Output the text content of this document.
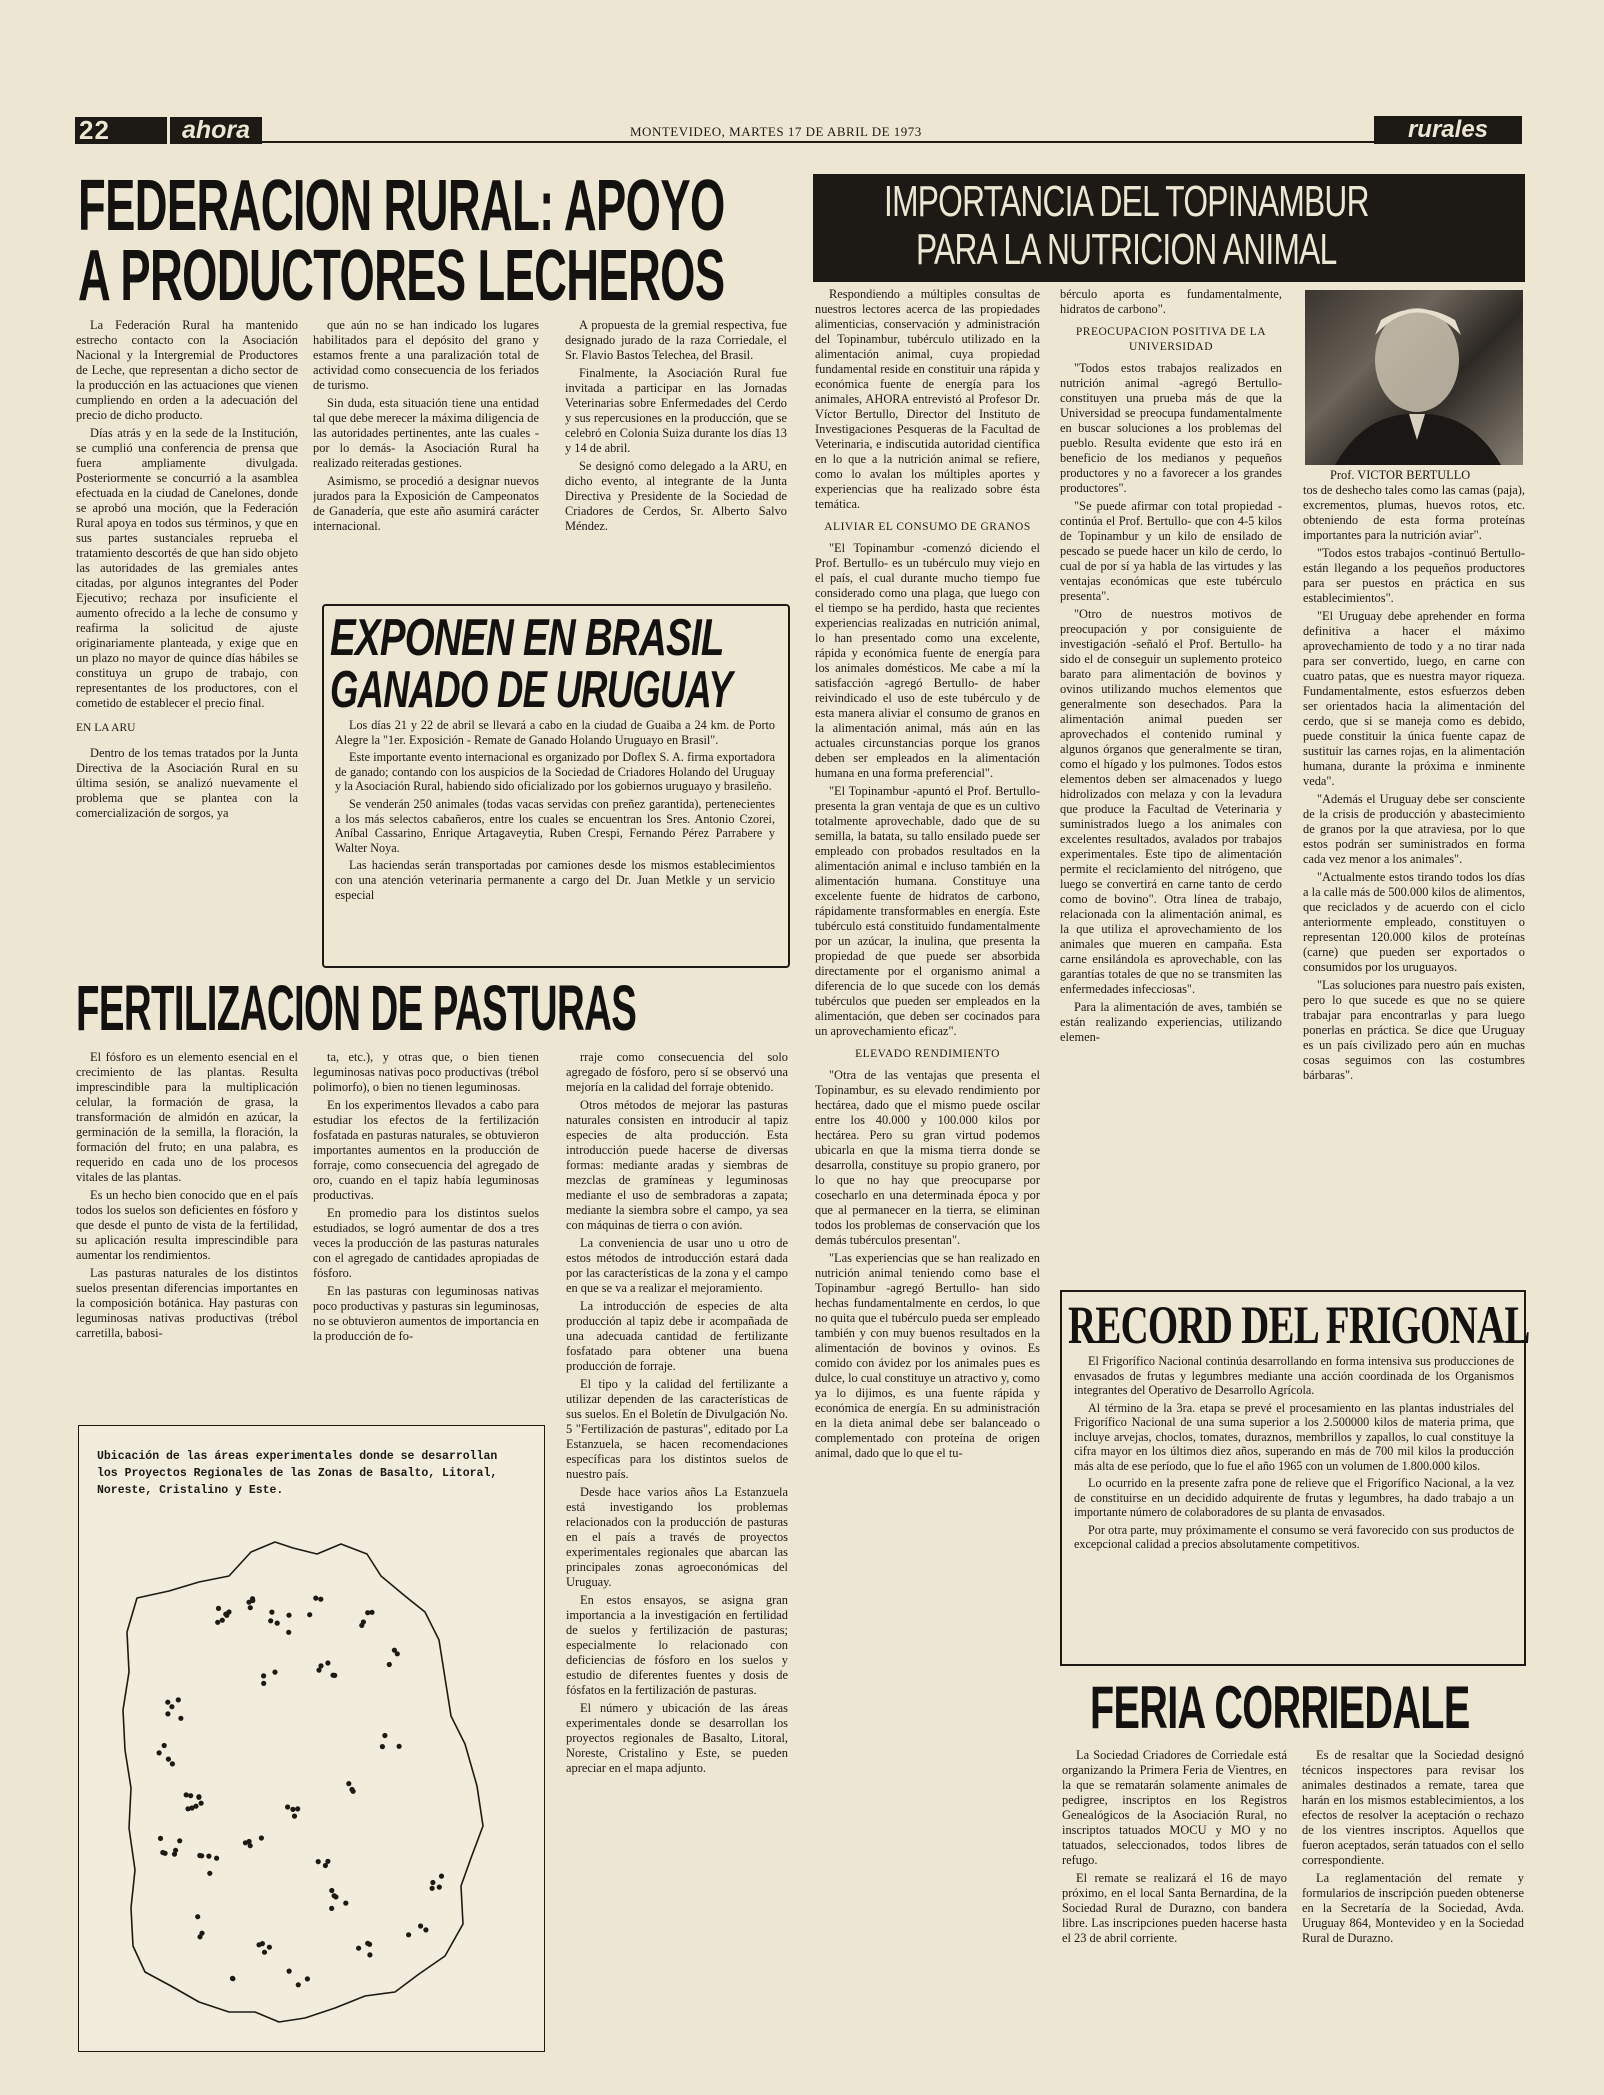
22	ahora	MONTEVIDEO, MARTES 17 DE ABRIL DE 1973	rurales
FEDERACION RURAL: APOYO
A PRODUCTORES LECHEROS

La Federación Rural ha mantenido estrecho contacto con la Asociación Nacional y la Intergremial de Productores de Leche, que representan a dicho sector de la producción en las actuaciones que vienen cumpliendo en orden a la adecuación del precio de dicho producto.

Días atrás y en la sede de la Institución, se cumplió una conferencia de prensa que fuera ampliamente divulgada. Posteriormente se concurrió a la asamblea efectuada en la ciudad de Canelones, donde se aprobó una moción, que la Federación Rural apoya en todos sus términos, y que en sus partes sustanciales reprueba el tratamiento descortés de que han sido objeto las autoridades de las gremiales antes citadas, por algunos integrantes del Poder Ejecutivo; rechaza por insuficiente el aumento ofrecido a la leche de consumo y reafirma la solicitud de ajuste originariamente planteada, y exige que en un plazo no mayor de quince días hábiles se constituya un grupo de trabajo, con representantes de los productores, con el cometido de establecer el precio final.

EN LA ARU

Dentro de los temas tratados por la Junta Directiva de la Asociación Rural en su última sesión, se analizó nuevamente el problema que se plantea con la comercialización de sorgos, ya

que aún no se han indicado los lugares habilitados para el depósito del grano y estamos frente a una paralización total de actividad como consecuencia de los feriados de turismo.

Sin duda, esta situación tiene una entidad tal que debe merecer la máxima diligencia de las autoridades pertinentes, ante las cuales -por lo demás- la Asociación Rural ha realizado reiteradas gestiones.

Asimismo, se procedió a designar nuevos jurados para la Exposición de Campeonatos de Ganadería, que este año asumirá carácter internacional.

A propuesta de la gremial respectiva, fue designado jurado de la raza Corriedale, el Sr. Flavio Bastos Telechea, del Brasil.

Finalmente, la Asociación Rural fue invitada a participar en las Jornadas Veterinarias sobre Enfermedades del Cerdo y sus repercusiones en la producción, que se celebró en Colonia Suiza durante los días 13 y 14 de abril.

Se designó como delegado a la ARU, en dicho evento, al integrante de la Junta Directiva y Presidente de la Sociedad de Criadores de Cerdos, Sr. Alberto Salvo Méndez.

EXPONEN EN BRASIL
GANADO DE URUGUAY

Los días 21 y 22 de abril se llevará a cabo en la ciudad de Guaiba a 24 km. de Porto Alegre la "1er. Exposición - Remate de Ganado Holando Uruguayo en Brasil".

Este importante evento internacional es organizado por Doflex S. A. firma exportadora de ganado; contando con los auspicios de la Sociedad de Criadores Holando del Uruguay y la Asociación Rural, habiendo sido oficializado por los gobiernos uruguayo y brasileño.

Se venderán 250 animales (todas vacas servidas con preñez garantida), pertenecientes a los más selectos cabañeros, entre los cuales se encuentran los Sres. Antonio Czorei, Aníbal Cassarino, Enrique Artagaveytia, Ruben Crespi, Fernando Pérez Parrabere y Walter Noya.

Las haciendas serán transportadas por camiones desde los mismos establecimientos con una atención veterinaria permanente a cargo del Dr. Juan Metkle y un servicio especial

FERTILIZACION DE PASTURAS

El fósforo es un elemento esencial en el crecimiento de las plantas. Resulta imprescindible para la multiplicación celular, la formación de grasa, la transformación de almidón en azúcar, la germinación de la semilla, la floración, la formación del fruto; en una palabra, es requerido en cada uno de los procesos vitales de las plantas.

Es un hecho bien conocido que en el país todos los suelos son deficientes en fósforo y que desde el punto de vista de la fertilidad, su aplicación resulta imprescindible para aumentar los rendimientos.

Las pasturas naturales de los distintos suelos presentan diferencias importantes en la composición botánica. Hay pasturas con leguminosas nativas productivas (trébol carretilla, babosi-

ta, etc.), y otras que, o bien tienen leguminosas nativas poco productivas (trébol polimorfo), o bien no tienen leguminosas.

En los experimentos llevados a cabo para estudiar los efectos de la fertilización fosfatada en pasturas naturales, se obtuvieron importantes aumentos en la producción de forraje, como consecuencia del agregado de oro, cuando en el tapiz había leguminosas productivas.

En promedio para los distintos suelos estudiados, se logró aumentar de dos a tres veces la producción de las pasturas naturales con el agregado de cantidades apropiadas de fósforo.

En las pasturas con leguminosas nativas poco productivas y pasturas sin leguminosas, no se obtuvieron aumentos de importancia en la producción de fo-

rraje como consecuencia del solo agregado de fósforo, pero sí se observó una mejoría en la calidad del forraje obtenido.

Otros métodos de mejorar las pasturas naturales consisten en introducir al tapiz especies de alta producción. Esta introducción puede hacerse de diversas formas: mediante aradas y siembras de mezclas de gramíneas y leguminosas mediante el uso de sembradoras a zapata; mediante la siembra sobre el campo, ya sea con máquinas de tierra o con avión.

La conveniencia de usar uno u otro de estos métodos de introducción estará dada por las características de la zona y el campo en que se va a realizar el mejoramiento.

La introducción de especies de alta producción al tapiz debe ir acompañada de una adecuada cantidad de fertilizante fosfatado para obtener una buena producción de forraje.

El tipo y la calidad del fertilizante a utilizar dependen de las características de sus suelos. En el Boletín de Divulgación No. 5 "Fertilización de pasturas", editado por La Estanzuela, se hacen recomendaciones específicas para los distintos suelos de nuestro país.

Desde hace varios años La Estanzuela está investigando los problemas relacionados con la producción de pasturas en el país a través de proyectos experimentales regionales que abarcan las principales zonas agroeconómicas del Uruguay.

En estos ensayos, se asigna gran importancia a la investigación en fertilidad de suelos y fertilización de pasturas; especialmente lo relacionado con deficiencias de fósforo en los suelos y estudio de diferentes fuentes y dosis de fósfatos en la fertilización de pasturas.

El número y ubicación de las áreas experimentales donde se desarrollan los proyectos regionales de Basalto, Litoral, Noreste, Cristalino y Este, se pueden apreciar en el mapa adjunto.

Ubicación de las áreas experimentales donde se desarrollan los Proyectos Regionales de las Zonas de Basalto, Litoral, Noreste, Cristalino y Este.
IMPORTANCIA DEL TOPINAMBUR
PARA LA NUTRICION ANIMAL

Respondiendo a múltiples consultas de nuestros lectores acerca de las propiedades alimenticias, conservación y administración del Topinambur, tubérculo utilizado en la alimentación animal, cuya propiedad fundamental reside en constituir una rápida y económica fuente de energía para los animales, AHORA entrevistó al Profesor Dr. Víctor Bertullo, Director del Instituto de Investigaciones Pesqueras de la Facultad de Veterinaria, e indiscutida autoridad científica en lo que a la nutrición animal se refiere, como lo avalan los múltiples aportes y experiencias que ha realizado sobre ésta temática.

ALIVIAR EL CONSUMO DE GRANOS

"El Topinambur -comenzó diciendo el Prof. Bertullo- es un tubérculo muy viejo en el país, el cual durante mucho tiempo fue considerado como una plaga, que luego con el tiempo se ha perdido, hasta que recientes experiencias realizadas en nutrición animal, lo han presentado como una excelente, rápida y económica fuente de energía para los animales domésticos. Me cabe a mí la satisfacción -agregó Bertullo- de haber reivindicado el uso de este tubérculo y de esta manera aliviar el consumo de granos en la alimentación animal, más aún en las actuales circunstancias porque los granos deben ser empleados en la alimentación humana en una forma preferencial".

"El Topinambur -apuntó el Prof. Bertullo- presenta la gran ventaja de que es un cultivo totalmente aprovechable, dado que de su semilla, la batata, su tallo ensilado puede ser empleado con probados resultados en la alimentación animal e incluso también en la alimentación humana. Constituye una excelente fuente de hidratos de carbono, rápidamente transformables en energía. Este tubérculo está constituido fundamentalmente por un azúcar, la inulina, que presenta la propiedad de que puede ser absorbida directamente por el organismo animal a diferencia de lo que sucede con los demás tubérculos que pueden ser empleados en la alimentación, que deben ser cocinados para un aprovechamiento eficaz".

ELEVADO RENDIMIENTO

"Otra de las ventajas que presenta el Topinambur, es su elevado rendimiento por hectárea, dado que el mismo puede oscilar entre los 40.000 y 100.000 kilos por hectárea. Pero su gran virtud podemos ubicarla en que la misma tierra donde se desarrolla, constituye su propio granero, por lo que no hay que preocuparse por cosecharlo en una determinada época y por que al permanecer en la tierra, se eliminan todos los problemas de conservación que los demás tubérculos presentan".

"Las experiencias que se han realizado en nutrición animal teniendo como base el Topinambur -agregó Bertullo- han sido hechas fundamentalmente en cerdos, lo que no quita que el tubérculo pueda ser empleado también y con muy buenos resultados en la alimentación de bovinos y ovinos. Es comido con ávidez por los animales pues es dulce, lo cual constituye un atractivo y, como ya lo dijimos, es una fuente rápida y económica de energía. En su administración en la dieta animal debe ser balanceado o complementado con proteína de origen animal, dado que lo que el tu-

bérculo aporta es fundamentalmente, hidratos de carbono".

PREOCUPACION POSITIVA DE LA UNIVERSIDAD

"Todos estos trabajos realizados en nutrición animal -agregó Bertullo- constituyen una prueba más de que la Universidad se preocupa fundamentalmente en buscar soluciones a los problemas del pueblo. Resulta evidente que esto irá en beneficio de los medianos y pequeños productores y no a favorecer a los grandes productores".

"Se puede afirmar con total propiedad -continúa el Prof. Bertullo- que con 4-5 kilos de Topinambur y un kilo de ensilado de pescado se puede hacer un kilo de cerdo, lo cual de por sí ya habla de las virtudes y las ventajas económicas que este tubérculo presenta".

"Otro de nuestros motivos de preocupación y por consiguiente de investigación -señaló el Prof. Bertullo- ha sido el de conseguir un suplemento proteico barato para alimentación de bovinos y ovinos utilizando muchos elementos que generalmente son desechados. Para la alimentación animal pueden ser aprovechados el contenido ruminal y algunos órganos que generalmente se tiran, como el hígado y los pulmones. Todos estos elementos deben ser almacenados y luego hidrolizados con melaza y con la levadura que produce la Facultad de Veterinaria y suministrados luego a los animales con excelentes resultados, avalados por trabajos experimentales. Este tipo de alimentación permite el reciclamiento del nitrógeno, que luego se convertirá en carne tanto de cerdo como de bovino". Otra línea de trabajo, relacionada con la alimentación animal, es la que utiliza el aprovechamiento de los animales que mueren en campaña. Esta carne ensilándola es aprovechable, con las garantías totales de que no se transmiten las enfermedades infecciosas".

Para la alimentación de aves, también se están realizando experiencias, utilizando elemen-

Prof. VICTOR BERTULLO

tos de deshecho tales como las camas (paja), excrementos, plumas, huevos rotos, etc. obteniendo de esta forma proteínas importantes para la nutrición aviar".

"Todos estos trabajos -continuó Bertullo- están llegando a los pequeños productores para ser puestos en práctica en sus establecimientos".

"El Uruguay debe aprehender en forma definitiva a hacer el máximo aprovechamiento de todo y a no tirar nada para ser convertido, luego, en carne con cuatro patas, que es nuestra mayor riqueza. Fundamentalmente, estos esfuerzos deben ser orientados hacia la alimentación del cerdo, que si se maneja como es debido, puede constituir la única fuente capaz de sustituir las carnes rojas, en la alimentación humana, durante la próxima e inminente veda".

"Además el Uruguay debe ser consciente de la crisis de producción y abastecimiento de granos por la que atraviesa, por lo que estos podrán ser suministrados en forma cada vez menor a los animales".

"Actualmente estos tirando todos los días a la calle más de 500.000 kilos de alimentos, que reciclados y de acuerdo con el ciclo anteriormente empleado, constituyen o representan 120.000 kilos de proteínas (carne) que pueden ser exportados o consumidos por los uruguayos.

"Las soluciones para nuestro país existen, pero lo que sucede es que no se quiere trabajar para encontrarlas y para luego ponerlas en práctica. Se dice que Uruguay es un país civilizado pero aún en muchas cosas seguimos con las costumbres bárbaras".

RECORD DEL FRIGONAL

El Frigorífico Nacional continúa desarrollando en forma intensiva sus producciones de envasados de frutas y legumbres mediante una acción coordinada de los Organismos integrantes del Operativo de Desarrollo Agrícola.

Al término de la 3ra. etapa se prevé el procesamiento en las plantas industriales del Frigorífico Nacional de una suma superior a los 2.500000 kilos de materia prima, que incluye arvejas, choclos, tomates, duraznos, membrillos y zapallos, lo cual constituye la cifra mayor en los últimos diez años, superando en más de 700 mil kilos la producción más alta de ese período, que lo fue el año 1965 con un volumen de 1.800.000 kilos.

Lo ocurrido en la presente zafra pone de relieve que el Frigorífico Nacional, a la vez de constituirse en un decidido adquirente de frutas y legumbres, ha dado trabajo a un importante número de colaboradores de su planta de envasados.

Por otra parte, muy próximamente el consumo se verá favorecido con sus productos de excepcional calidad a precios absolutamente competitivos.

FERIA CORRIEDALE

La Sociedad Criadores de Corriedale está organizando la Primera Feria de Vientres, en la que se rematarán solamente animales de pedigree, inscriptos en los Registros Genealógicos de la Asociación Rural, no inscriptos tatuados MOCU y MO y no tatuados, seleccionados, todos libres de refugo.

El remate se realizará el 16 de mayo próximo, en el local Santa Bernardina, de la Sociedad Rural de Durazno, con bandera libre. Las inscripciones pueden hacerse hasta el 23 de abril corriente.

Es de resaltar que la Sociedad designó técnicos inspectores para revisar los animales destinados a remate, tarea que harán en los mismos establecimientos, a los efectos de resolver la aceptación o rechazo de los vientres inscriptos. Aquellos que fueron aceptados, serán tatuados con el sello correspondiente.

La reglamentación del remate y formularios de inscripción pueden obtenerse en la Secretaría de la Sociedad, Avda. Uruguay 864, Montevideo y en la Sociedad Rural de Durazno.
